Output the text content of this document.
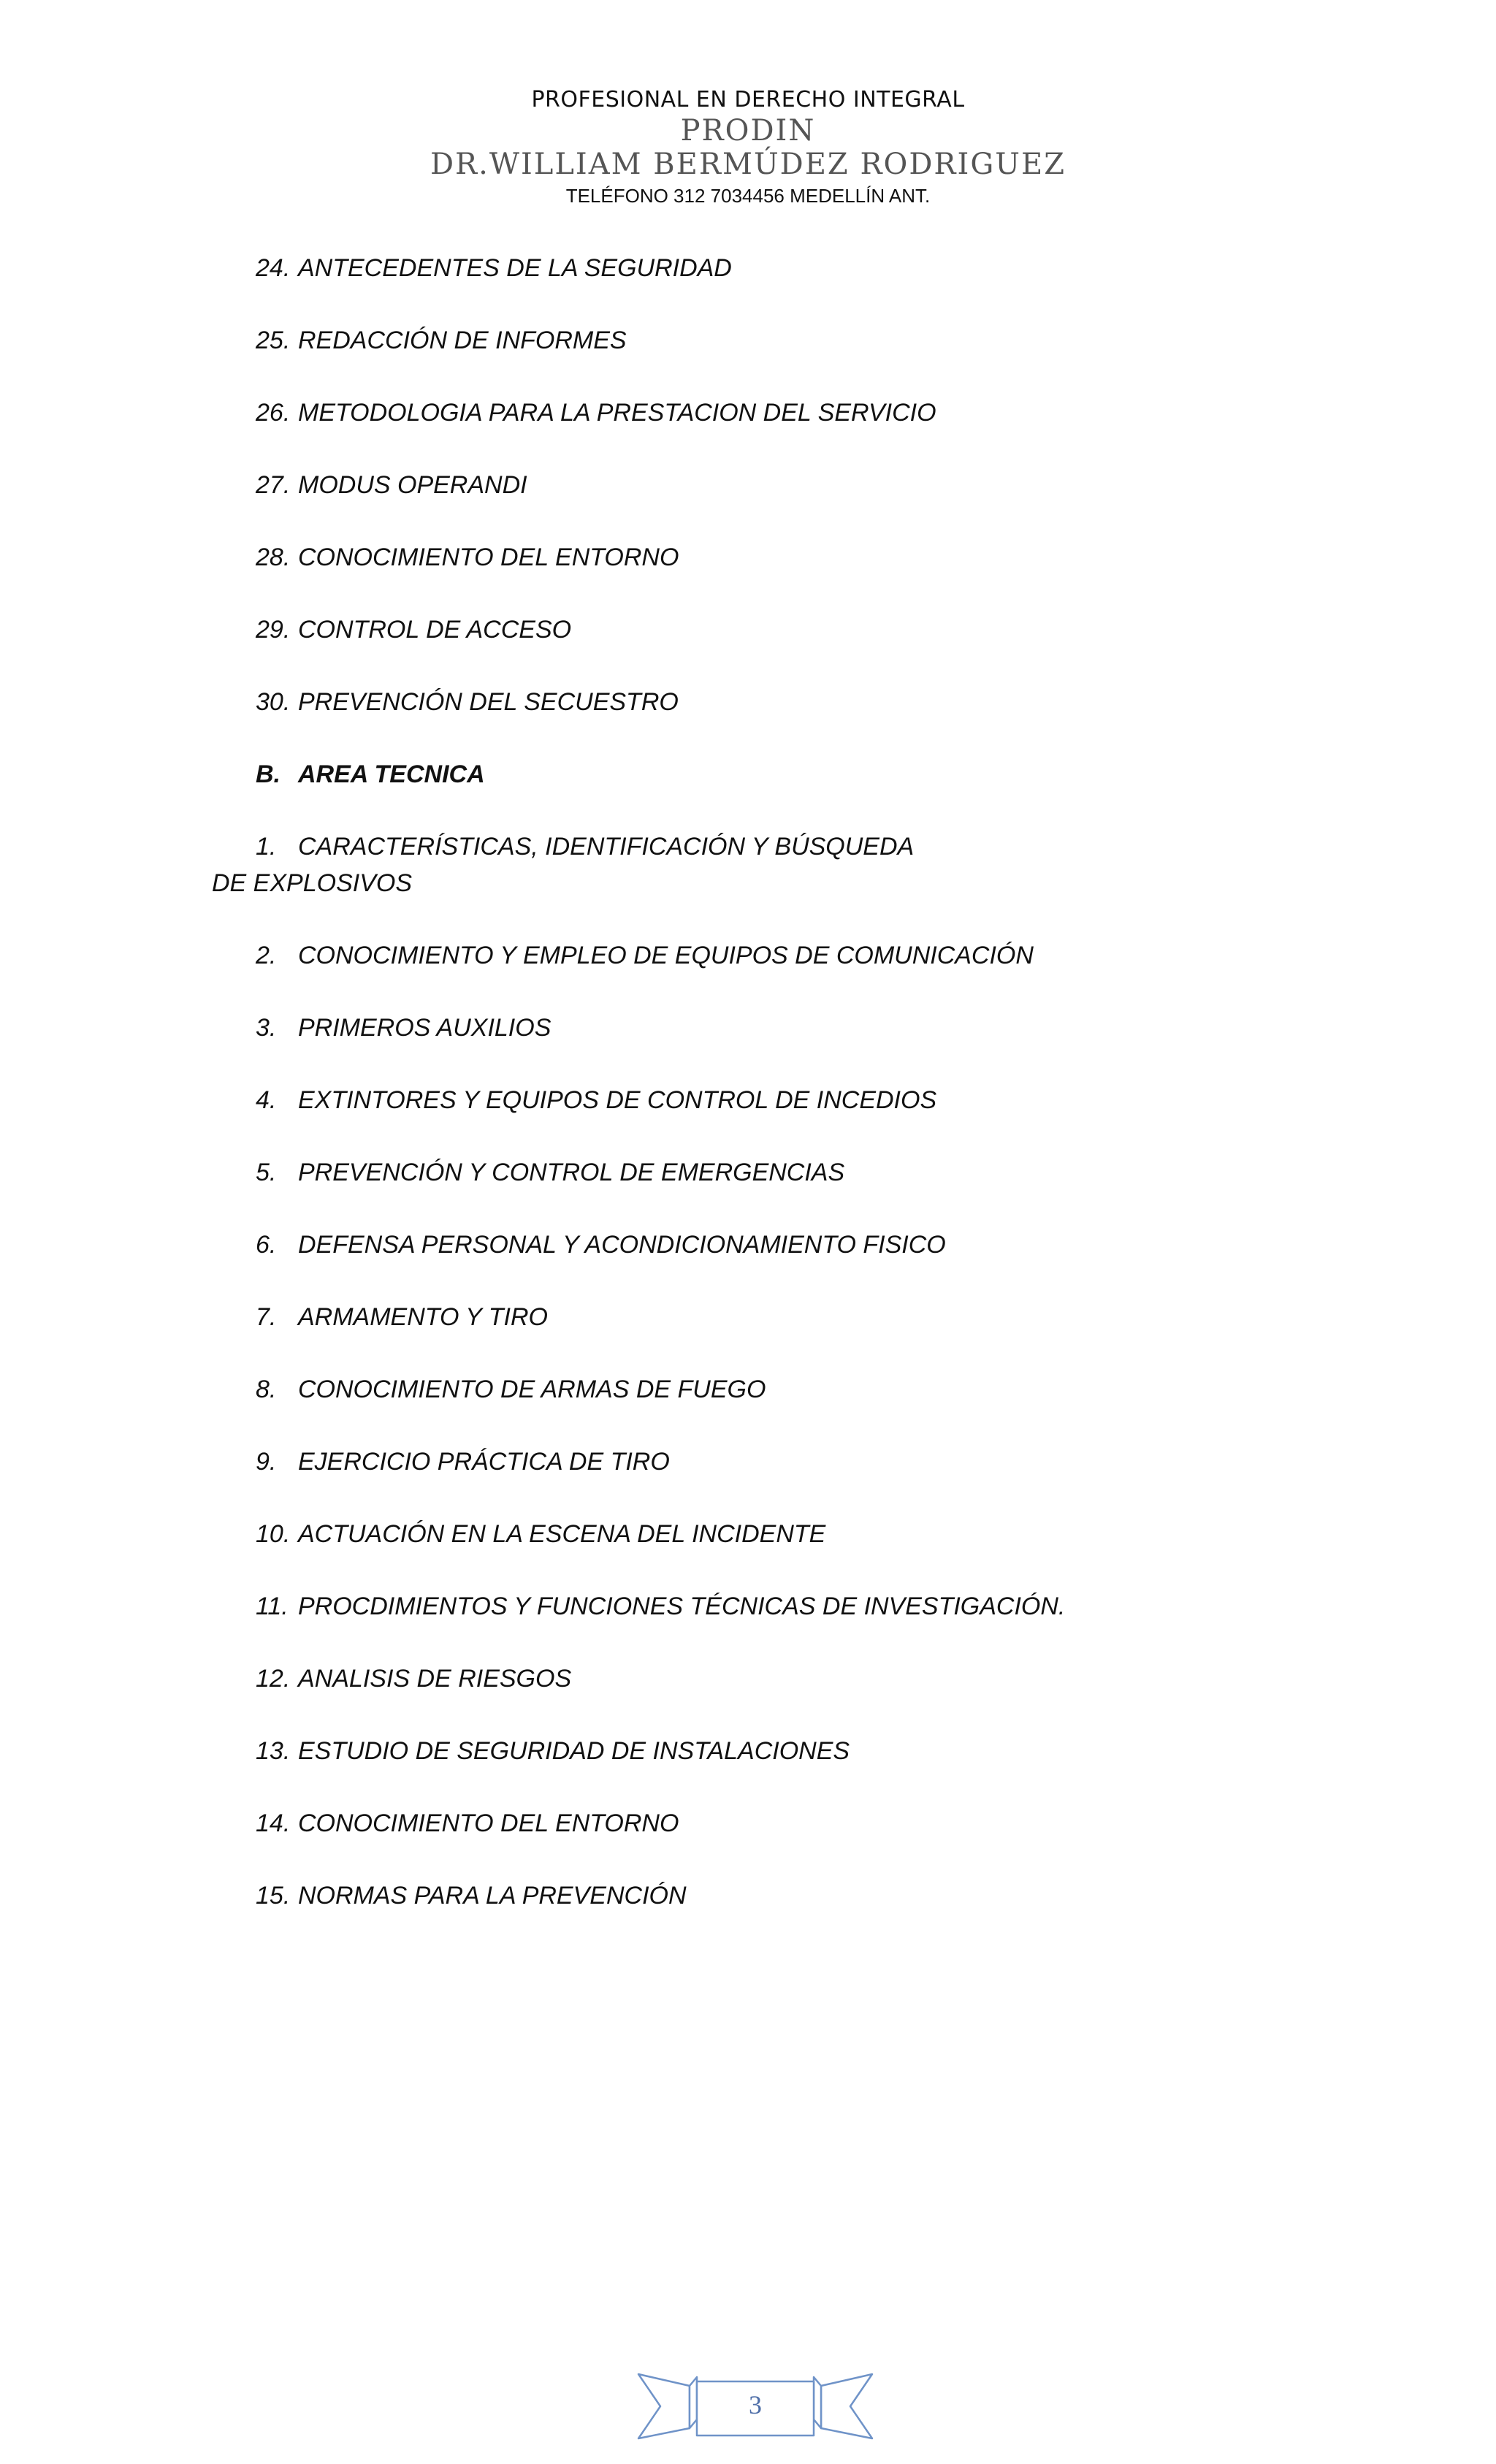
PROFESIONAL EN DERECHO INTEGRAL
PRODIN
DR.WILLIAM BERMÚDEZ RODRIGUEZ
TELÉFONO 312 7034456 MEDELLÍN ANT.
24. ANTECEDENTES DE LA SEGURIDAD
25. REDACCIÓN DE INFORMES
26. METODOLOGIA PARA LA PRESTACION DEL SERVICIO
27. MODUS OPERANDI
28. CONOCIMIENTO DEL ENTORNO
29. CONTROL DE ACCESO
30. PREVENCIÓN DEL SECUESTRO
B. AREA TECNICA
1. CARACTERÍSTICAS, IDENTIFICACIÓN Y BÚSQUEDA
DE EXPLOSIVOS
2. CONOCIMIENTO Y EMPLEO DE EQUIPOS DE COMUNICACIÓN
3. PRIMEROS AUXILIOS
4. EXTINTORES Y EQUIPOS DE CONTROL DE INCEDIOS
5. PREVENCIÓN Y CONTROL DE EMERGENCIAS
6. DEFENSA PERSONAL Y ACONDICIONAMIENTO FISICO
7. ARMAMENTO Y TIRO
8. CONOCIMIENTO DE ARMAS DE FUEGO
9. EJERCICIO PRÁCTICA DE TIRO
10. ACTUACIÓN EN LA ESCENA DEL INCIDENTE
11. PROCDIMIENTOS Y FUNCIONES TÉCNICAS DE INVESTIGACIÓN.
12. ANALISIS DE RIESGOS
13. ESTUDIO DE SEGURIDAD DE INSTALACIONES
14. CONOCIMIENTO DEL ENTORNO
15. NORMAS PARA LA PREVENCIÓN
3
